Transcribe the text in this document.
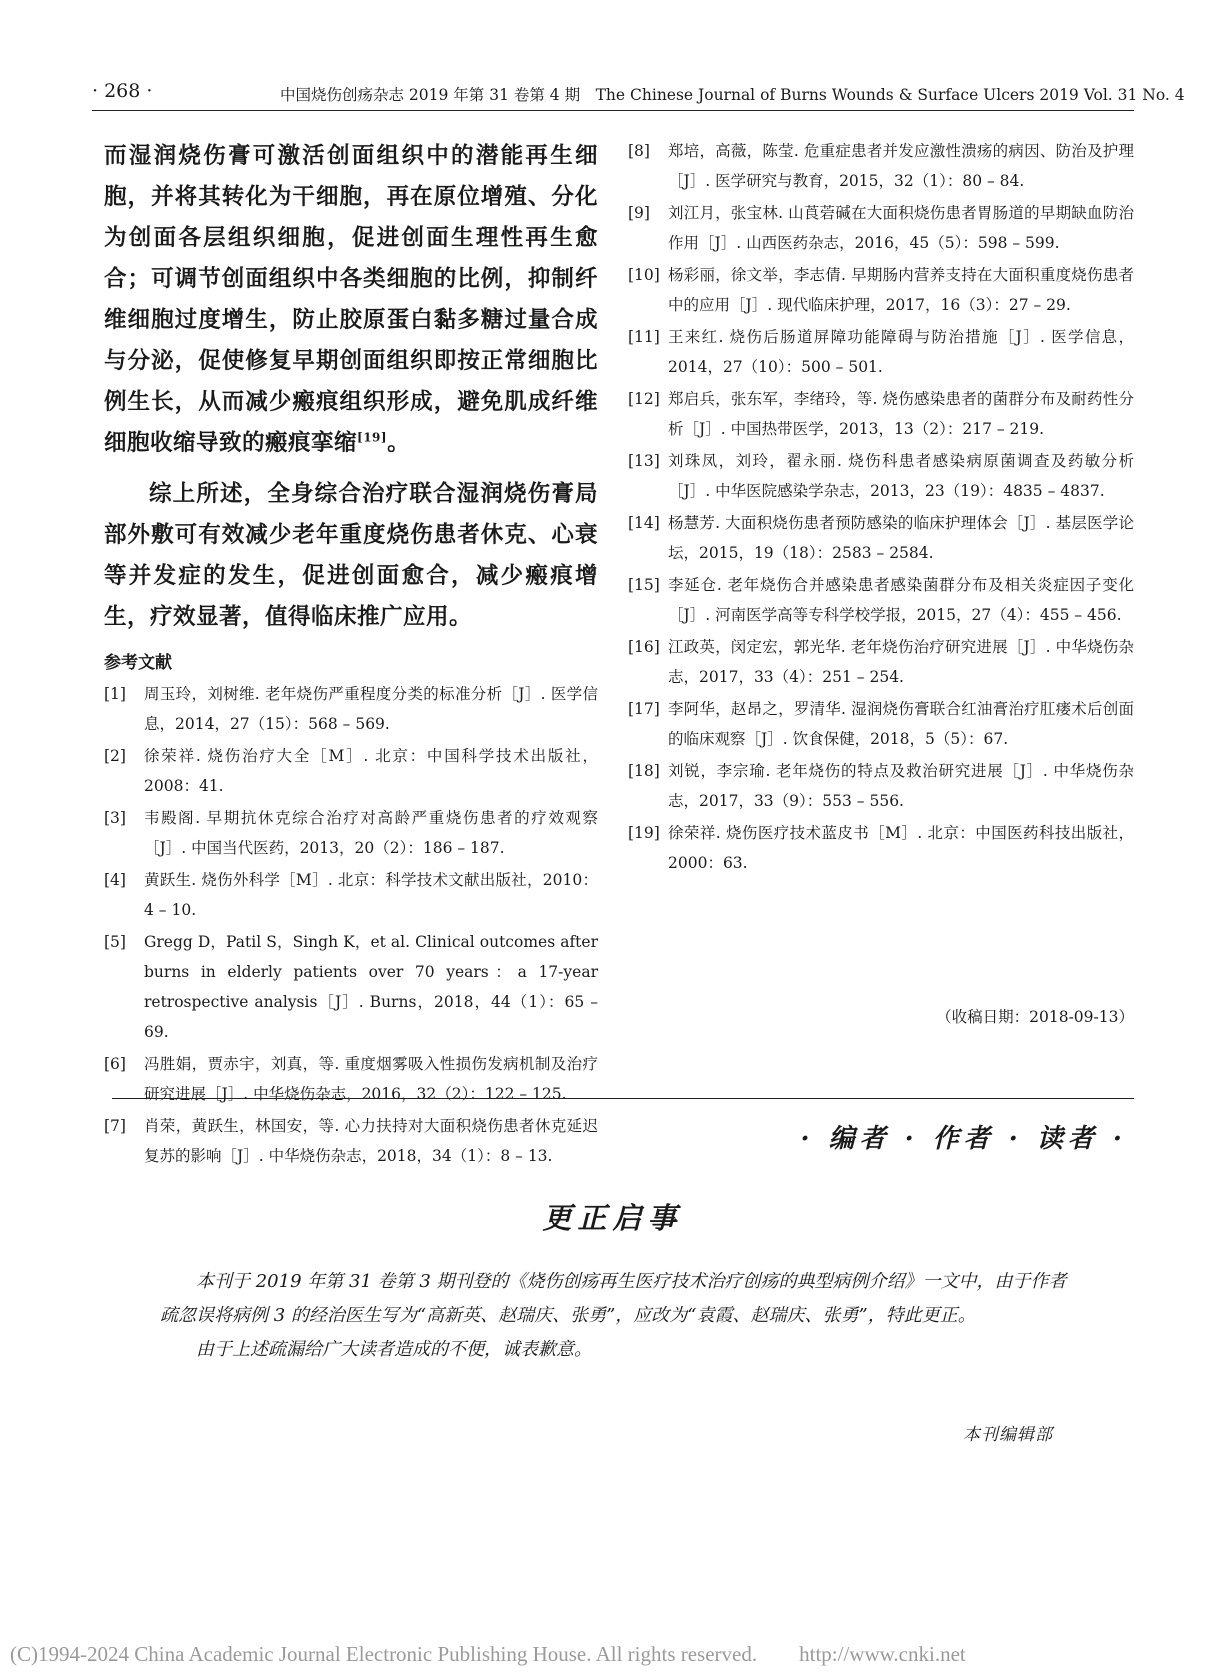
· 268 ·	中国烧伤创疡杂志 2019 年第 31 卷第 4 期　The Chinese Journal of Burns Wounds & Surface Ulcers 2019 Vol. 31 No. 4

而湿润烧伤膏可激活创面组织中的潜能再生细胞，并将其转化为干细胞，再在原位增殖、分化为创面各层组织细胞，促进创面生理性再生愈合；可调节创面组织中各类细胞的比例，抑制纤维细胞过度增生，防止胶原蛋白黏多糖过量合成与分泌，促使修复早期创面组织即按正常细胞比例生长，从而减少瘢痕组织形成，避免肌成纤维细胞收缩导致的瘢痕挛缩[19]。

综上所述，全身综合治疗联合湿润烧伤膏局部外敷可有效减少老年重度烧伤患者休克、心衰等并发症的发生，促进创面愈合，减少瘢痕增生，疗效显著，值得临床推广应用。

参考文献
[1]	周玉玲，刘树维. 老年烧伤严重程度分类的标准分析［J］. 医学信息，2014，27（15）：568 – 569.
[2]	徐荣祥. 烧伤治疗大全［M］. 北京：中国科学技术出版社，2008：41.
[3]	韦殿阁. 早期抗休克综合治疗对高龄严重烧伤患者的疗效观察［J］. 中国当代医药，2013，20（2）：186 – 187.
[4]	黄跃生. 烧伤外科学［M］. 北京：科学技术文献出版社，2010：4 – 10.
[5]	Gregg D，Patil S，Singh K，et al. Clinical outcomes after burns in elderly patients over 70 years：a 17-year retrospective analysis［J］. Burns，2018，44（1）：65 – 69.
[6]	冯胜娟，贾赤宇，刘真，等. 重度烟雾吸入性损伤发病机制及治疗研究进展［J］. 中华烧伤杂志，2016，32（2）：122 – 125.
[7]	肖荣，黄跃生，林国安，等. 心力扶持对大面积烧伤患者休克延迟复苏的影响［J］. 中华烧伤杂志，2018，34（1）：8 – 13.
[8]	郑培，高薇，陈莹. 危重症患者并发应激性溃疡的病因、防治及护理［J］. 医学研究与教育，2015，32（1）：80 – 84.
[9]	刘江月，张宝林. 山莨菪碱在大面积烧伤患者胃肠道的早期缺血防治作用［J］. 山西医药杂志，2016，45（5）：598 – 599.
[10] 杨彩丽，徐文举，李志倩. 早期肠内营养支持在大面积重度烧伤患者中的应用［J］. 现代临床护理，2017，16（3）：27 – 29.
[11] 王来红. 烧伤后肠道屏障功能障碍与防治措施［J］. 医学信息，2014，27（10）：500 – 501.
[12] 郑启兵，张东军，李绪玲，等. 烧伤感染患者的菌群分布及耐药性分析［J］. 中国热带医学，2013，13（2）：217 – 219.
[13] 刘珠凤，刘玲，翟永丽. 烧伤科患者感染病原菌调查及药敏分析［J］. 中华医院感染学杂志，2013，23（19）：4835 – 4837.
[14] 杨慧芳. 大面积烧伤患者预防感染的临床护理体会［J］. 基层医学论坛，2015，19（18）：2583 – 2584.
[15] 李延仓. 老年烧伤合并感染患者感染菌群分布及相关炎症因子变化［J］. 河南医学高等专科学校学报，2015，27（4）：455 – 456.
[16] 江政英，闵定宏，郭光华. 老年烧伤治疗研究进展［J］. 中华烧伤杂志，2017，33（4）：251 – 254.
[17] 李阿华，赵昂之，罗清华. 湿润烧伤膏联合红油膏治疗肛瘘术后创面的临床观察［J］. 饮食保健，2018，5（5）：67.
[18] 刘锐，李宗瑜. 老年烧伤的特点及救治研究进展［J］. 中华烧伤杂志，2017，33（9）：553 – 556.
[19] 徐荣祥. 烧伤医疗技术蓝皮书［M］. 北京：中国医药科技出版社，2000：63.
（收稿日期：2018-09-13）
· 编者 · 作者 · 读者 ·
更正启事

本刊于 2019 年第 31 卷第 3 期刊登的《烧伤创疡再生医疗技术治疗创疡的典型病例介绍》一文中，由于作者疏忽误将病例 3 的经治医生写为“高新英、赵瑞庆、张勇”，应改为“袁霞、赵瑞庆、张勇”，特此更正。

由于上述疏漏给广大读者造成的不便，诚表歉意。

本刊编辑部
(C)1994-2024 China Academic Journal Electronic Publishing House. All rights reserved.　　http://www.cnki.net
